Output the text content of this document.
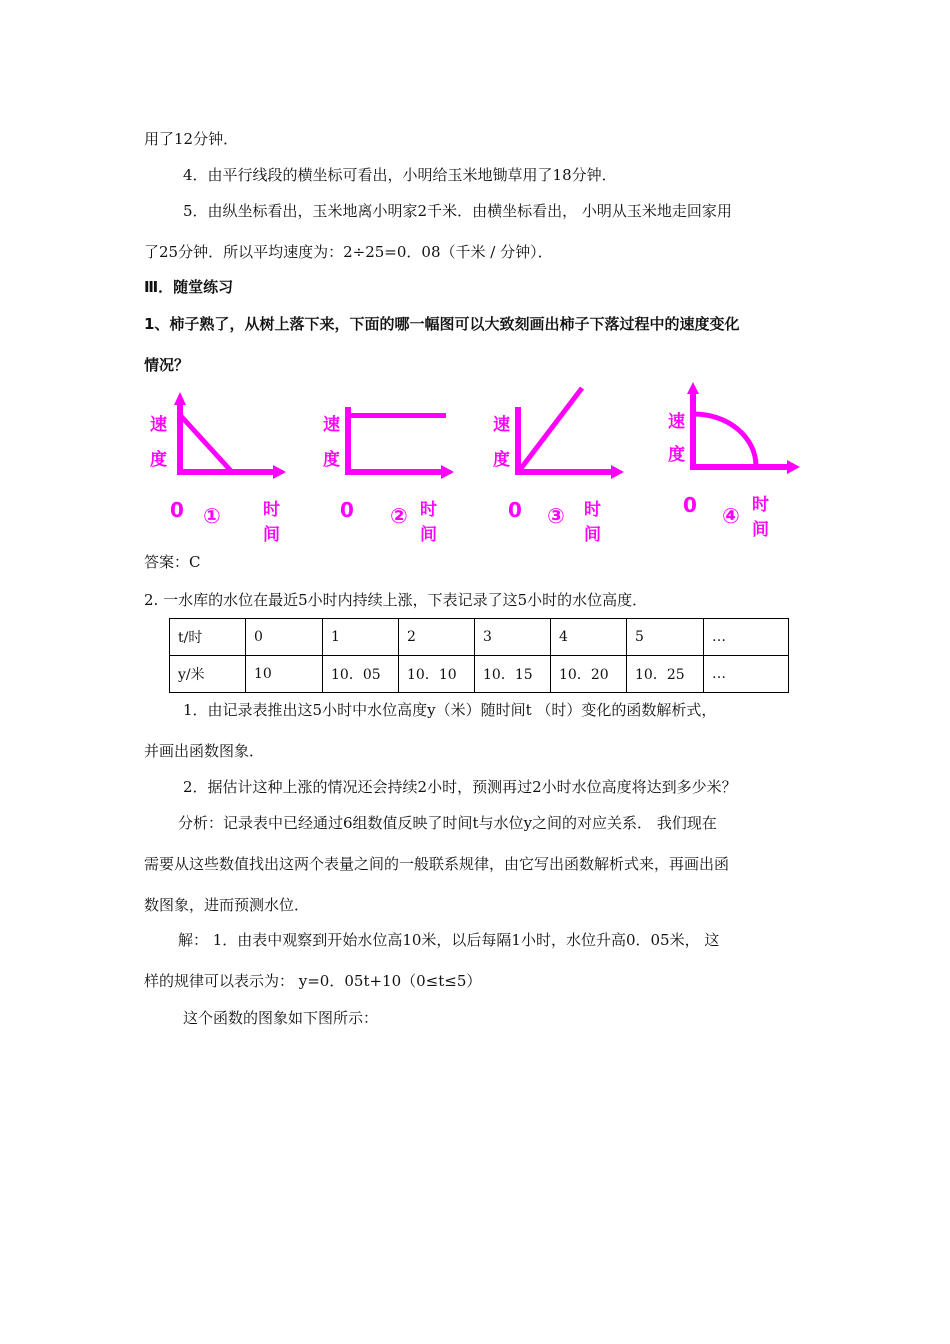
用了12分钟．
4．由平行线段的横坐标可看出，小明给玉米地锄草用了18分钟．
5．由纵坐标看出，玉米地离小明家2千米．由横坐标看出， 小明从玉米地走回家用
了25分钟．所以平均速度为：2÷25=0．08（千米 / 分钟）．
Ⅲ．随堂练习
1、柿子熟了，从树上落下来，下面的哪一幅图可以大致刻画出柿子下落过程中的速度变化
情况？
速
度
0 ①	时间
速
度
0 ② 时间
速
度
0 ③ 时间
速
度
0 ④ 时间
答案：C
2. 一水库的水位在最近5小时内持续上涨，下表记录了这5小时的水位高度．
t/时	0	1	2	3	4	5	…
y/米	10	10．05	10．10	10．15	10．20	10．25	…
1．由记录表推出这5小时中水位高度y（米）随时间t （时）变化的函数解析式，
并画出函数图象．
2．据估计这种上涨的情况还会持续2小时，预测再过2小时水位高度将达到多少米？
分析：记录表中已经通过6组数值反映了时间t与水位y之间的对应关系． 我们现在
需要从这些数值找出这两个表量之间的一般联系规律，由它写出函数解析式来，再画出函
数图象，进而预测水位．
解： 1．由表中观察到开始水位高10米，以后每隔1小时，水位升高0．05米， 这
样的规律可以表示为： y=0．05t+10（0≤t≤5）
这个函数的图象如下图所示：
